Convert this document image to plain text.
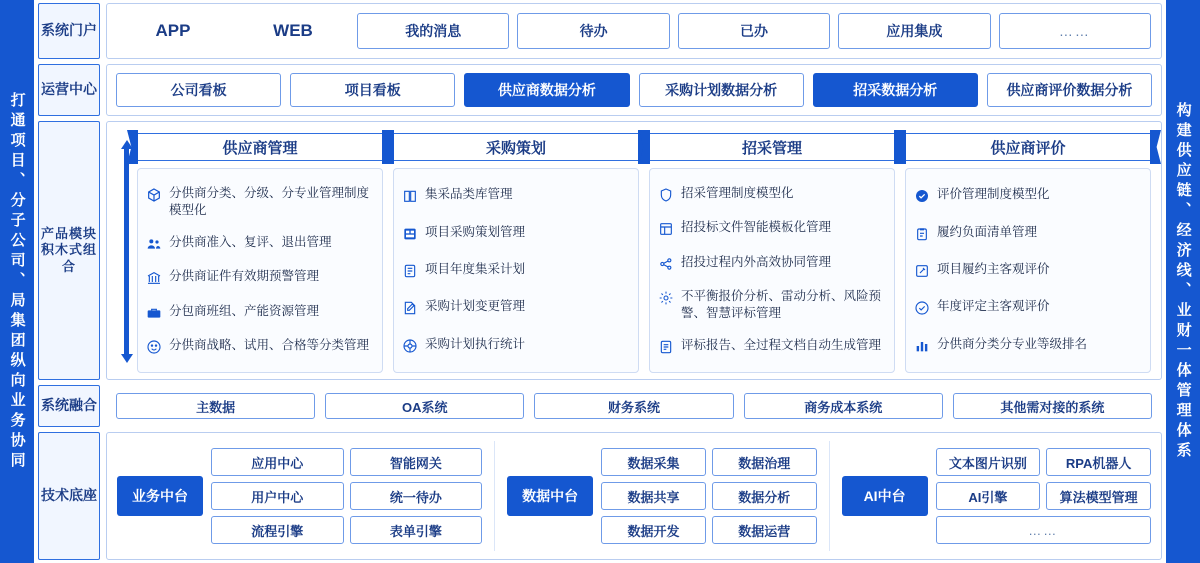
打通项目、分子公司、局集团纵向业务协同
系统门户	APP	WEB	我的消息	待办	已办	应用集成	……
运营中心	公司看板	项目看板	供应商数据分析	采购计划数据分析	招采数据分析	供应商评价数据分析
产品模块积木式组合
供应商管理
分供商分类、分级、分专业管理制度模型化
分供商准入、复评、退出管理
分供商证件有效期预警管理
分包商班组、产能资源管理
分供商战略、试用、合格等分类管理
采购策划
集采品类库管理
项目采购策划管理
项目年度集采计划
采购计划变更管理
采购计划执行统计
招采管理
招采管理制度模型化
招投标文件智能模板化管理
招投过程内外高效协同管理
不平衡报价分析、雷动分析、风险预警、智慧评标管理
评标报告、全过程文档自动生成管理
供应商评价
评价管理制度模型化
履约负面清单管理
项目履约主客观评价
年度评定主客观评价
分供商分类分专业等级排名
系统融合	主数据	OA系统	财务系统	商务成本系统	其他需对接的系统
技术底座	业务中台
应用中心	智能网关
用户中心	统一待办
流程引擎	表单引擎
数据中台
数据采集	数据治理
数据共享	数据分析
数据开发	数据运营
AI中台
文本图片识别	RPA机器人
AI引擎	算法模型管理
……
构建供应链、经济线、业财一体管理体系
